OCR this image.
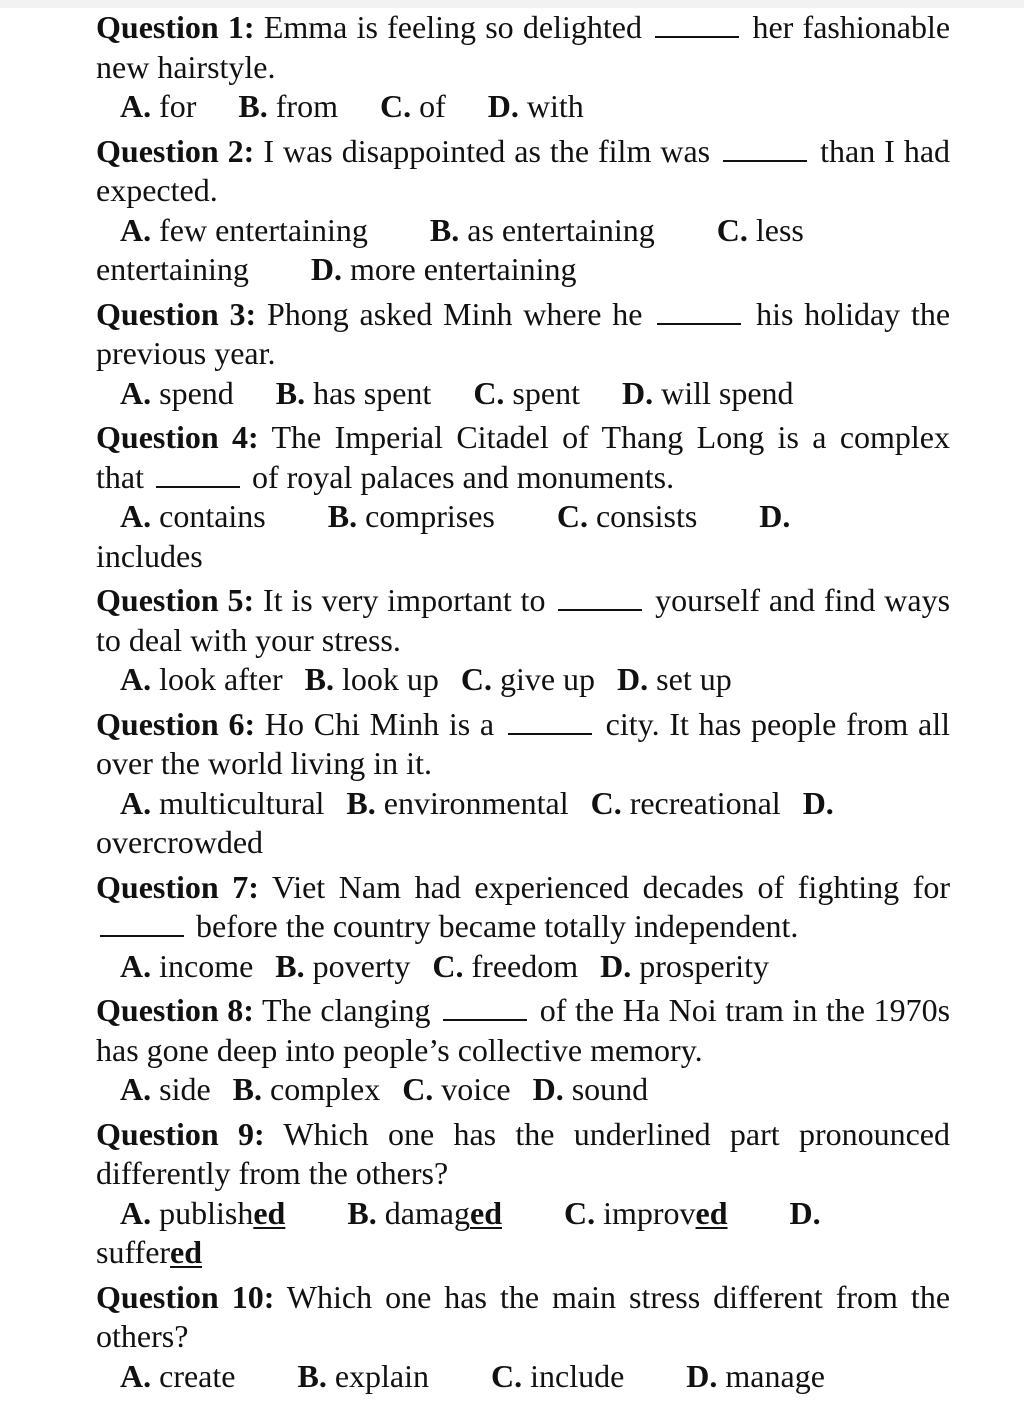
Question 1: Emma is feeling so delighted	her fashionable new hairstyle.
A. for B. from C. of D. with
Question 2: I was disappointed as the film was	than I had expected.
A. few entertaining B. as entertaining C. less entertaining D. more entertaining
Question 3: Phong asked Minh where he	his holiday the previous year.
A. spend B. has spent C. spent D. will spend
Question 4: The Imperial Citadel of Thang Long is a complex that	of royal palaces and monuments.
A. contains B. comprises C. consists D. includes
Question 5: It is very important to	yourself and find ways to deal with your stress.
A. look after B. look up C. give up D. set up
Question 6: Ho Chi Minh is a	city. It has people from all over the world living in it.
A. multicultural B. environmental C. recreational D. overcrowded
Question 7: Viet Nam had experienced decades of fighting for  before the country became totally independent.
A. income B. poverty C. freedom D. prosperity
Question 8: The clanging	of the Ha Noi tram in the 1970s has gone deep into people’s collective memory.
A. side B. complex C. voice D. sound
Question 9: Which one has the underlined part pronounced differently from the others?
A. published B. damaged C. improved D. suffered
Question 10: Which one has the main stress different from the others?
A. create B. explain C. include D. manage
